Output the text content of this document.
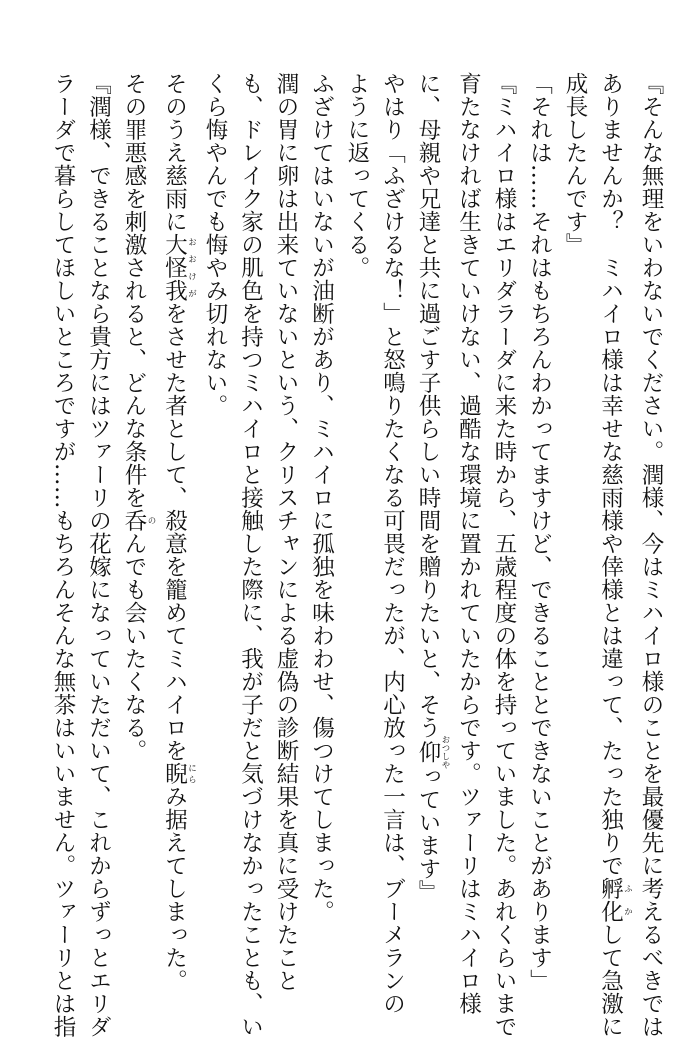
『そんな無理をいわないでください。潤様、今はミハイロ様のことを最優先に考えるべきでは
ありませんか？　ミハイロ様は幸せな慈雨様や倖様とは違って、たった独りで孵化 ふかして急激に
成長したんです』
「それは……それはもちろんわかってますけど、できることとできないことがあります」
『ミハイロ様はエリダラーダに来た時から、五歳程度の体を持っていました。あれくらいまで
育たなければ生きていけない、過酷な環境に置かれていたからです。ツァーリはミハイロ様
に、母親や兄達と共に過ごす子供らしい時間を贈りたいと、そう仰 おつしやっています』
やはり「ふざけるな！」と怒鳴りたくなる可畏だったが、内心放った一言は、ブーメランの
ように返ってくる。
ふざけてはいないが油断があり、ミハイロに孤独を味わわせ、傷つけてしまった。
潤の胃に卵は出来ていないという、クリスチャンによる虚偽の診断結果を真に受けたこと
も、ドレイク家の肌色を持つミハイロと接触した際に、我が子だと気づけなかったことも、い
くら悔やんでも悔やみ切れない。
そのうえ慈雨に大怪我 おおけがをさせた者として、殺意を籠めてミハイロを睨 にらみ据えてしまった。
その罪悪感を刺激されると、どんな条件を呑 のんでも会いたくなる。
『潤様、できることなら貴方にはツァーリの花嫁になっていただいて、これからずっとエリダ
ラーダで暮らしてほしいところですが……もちろんそんな無茶はいいません。ツァーリとは指
